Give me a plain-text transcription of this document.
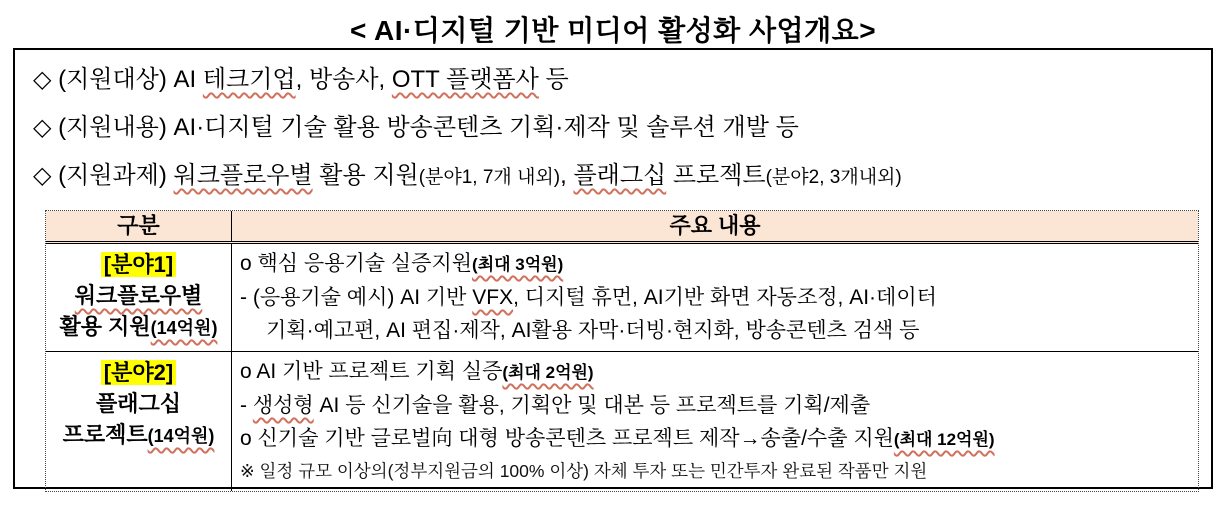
< AI·디지털 기반 미디어 활성화 사업개요>
◇ (지원대상) AI 테크기업, 방송사, OTT 플랫폼사 등
◇ (지원내용) AI·디지털 기술 활용 방송콘텐츠 기획·제작 및 솔루션 개발 등
◇ (지원과제) 워크플로우별 활용 지원(분야1, 7개 내외), 플래그십 프로젝트(분야2, 3개내외)
구분	주요 내용
[분야1]
워크플로우별
활용 지원(14억원)
o 핵심 응용기술 실증지원(최대 3억원)
- (응용기술 예시) AI 기반 VFX, 디지털 휴먼, AI기반 화면 자동조정, AI·데이터
기획·예고편, AI 편집·제작, AI활용 자막·더빙·현지화, 방송콘텐츠 검색 등
[분야2]
플래그십
프로젝트(14억원)
o AI 기반 프로젝트 기획 실증(최대 2억원)
- 생성형 AI 등 신기술을 활용, 기획안 및 대본 등 프로젝트를 기획/제출
o 신기술 기반 글로벌向 대형 방송콘텐츠 프로젝트 제작→송출/수출 지원(최대 12억원)
※ 일정 규모 이상의(정부지원금의 100% 이상) 자체 투자 또는 민간투자 완료된 작품만 지원
